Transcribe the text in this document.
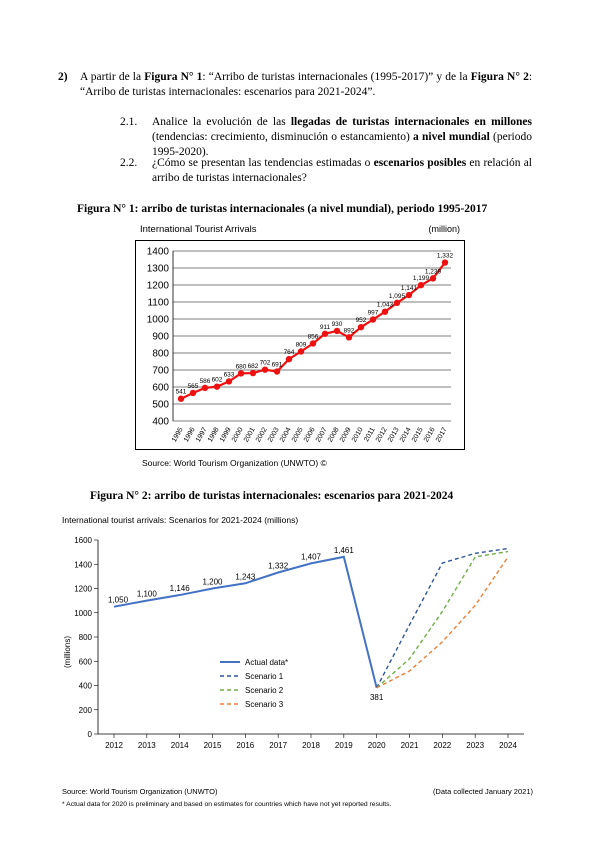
2) A partir de la Figura N° 1: “Arribo de turistas internacionales (1995-2017)” y de la Figura N° 2: “Arribo de turistas internacionales: escenarios para 2021-2024”.
2.1. Analice la evolución de las llegadas de turistas internacionales en millones (tendencias: crecimiento, disminución o estancamiento) a nivel mundial (periodo 1995-2020).
2.2. ¿Cómo se presentan las tendencias estimadas o escenarios posibles en relación al arribo de turistas internacionales?
Figura N° 1: arribo de turistas internacionales (a nivel mundial), periodo 1995-2017
International Tourist Arrivals	(million)
400
500
600
700
800
900
1000
1100
1200
1300
1400
1995
1996
1997
1998
1999
2000
2001
2002
2003
2004
2005
2006
2007
2008
2009
2010
2011
2012
2013
2014
2015
2016
2017
541
565
586 602
633
680 682 702 691
764
809
856
911 930
892
952
997
1,043
1,095
1,141
1,199
1,239
1,332
Source: World Tourism Organization (UNWTO) ©
Figura N° 2: arribo de turistas internacionales: escenarios para 2021-2024
International tourist arrivals: Scenarios for 2021-2024 (millions)
(millions)
0
200
400
600
800
1000
1200
1400
1600
2012 2013 2014 2015 2016 2017 2018 2019 2020 2021 2022 2023 2024
1,050
1,100
1,146
1,200
1,243
1,332
1,407
1,461
381
Actual data*
Scenario 1
Scenario 2
Scenario 3
Source: World Tourism Organization (UNWTO)	(Data collected January 2021)
* Actual data for 2020 is preliminary and based on estimates for countries which have not yet reported results.
